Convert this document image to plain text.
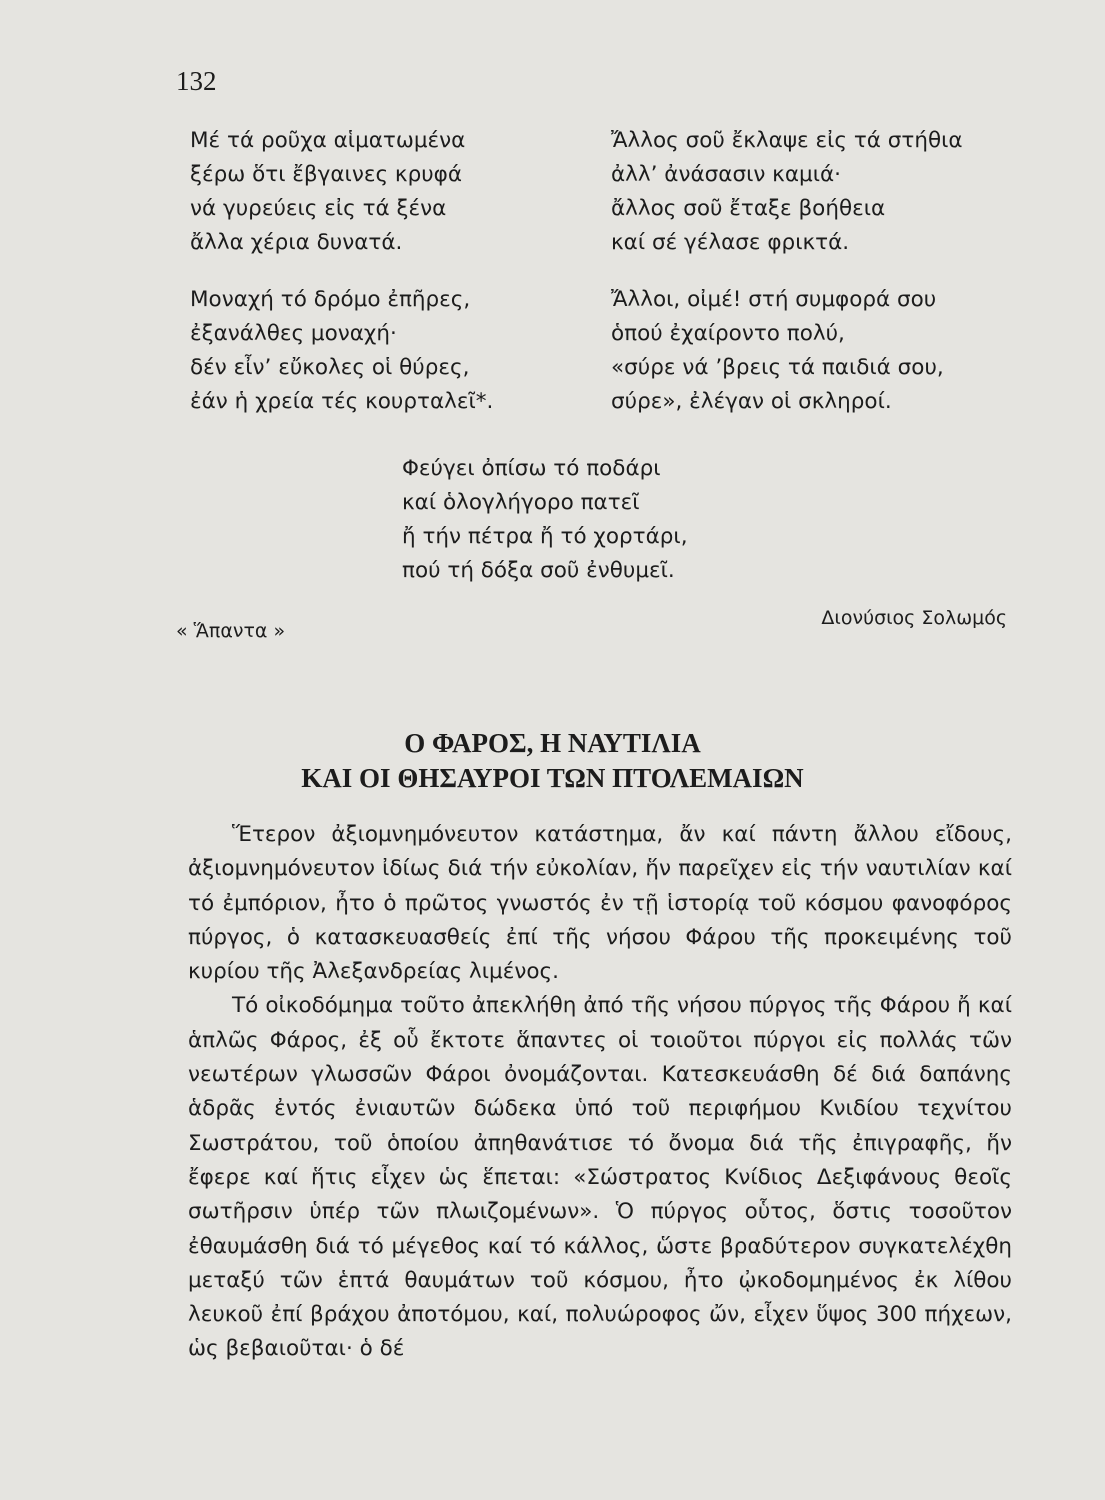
132
Μέ τά ροῦχα αἱματωμένα
ξέρω ὅτι ἔβγαινες κρυφά
νά γυρεύεις εἰς τά ξένα
ἄλλα χέρια δυνατά.
Μοναχή τό δρόμο ἐπῆρες,
ἐξανάλθες μοναχή·
δέν εἶν’ εὔκολες οἱ θύρες,
ἐάν ἡ χρεία τές κουρταλεῖ*.
Ἄλλος σοῦ ἔκλαψε εἰς τά στήθια
ἀλλ’ ἀνάσασιν καμιά·
ἄλλος σοῦ ἔταξε βοήθεια
καί σέ γέλασε φρικτά.
Ἄλλοι, οἰμέ! στή συμφορά σου
ὁπού ἐχαίροντο πολύ,
«σύρε νά ’βρεις τά παιδιά σου,
σύρε», ἐλέγαν οἱ σκληροί.
Φεύγει ὀπίσω τό ποδάρι
καί ὁλογλήγορο πατεῖ
ἤ τήν πέτρα ἤ τό χορτάρι,
πού τή δόξα σοῦ ἐνθυμεῖ.
« Ἅπαντα »
Διονύσιος Σολωμός
Ο ΦΑΡΟΣ, Η ΝΑΥΤΙΛΙΑ
ΚΑΙ ΟΙ ΘΗΣΑΥΡΟΙ ΤΩΝ ΠΤΟΛΕΜΑΙΩΝ

Ἕτερον ἀξιομνημόνευτον κατάστημα, ἄν καί πάντη ἄλλου εἴδους, ἀξιομνημόνευτον ἰδίως διά τήν εὐκολίαν, ἥν παρεῖχεν εἰς τήν ναυτιλίαν καί τό ἐμπόριον, ἦτο ὁ πρῶτος γνωστός ἐν τῇ ἱστορίᾳ τοῦ κόσμου φανοφόρος πύργος, ὁ κατασκευασθείς ἐπί τῆς νήσου Φάρου τῆς προκειμένης τοῦ κυρίου τῆς Ἀλεξανδρείας λιμένος.

Τό οἰκοδόμημα τοῦτο ἀπεκλήθη ἀπό τῆς νήσου πύργος τῆς Φάρου ἤ καί ἁπλῶς Φάρος, ἐξ οὗ ἔκτοτε ἅπαντες οἱ τοιοῦτοι πύργοι εἰς πολλάς τῶν νεωτέρων γλωσσῶν Φάροι ὀνομάζονται. Κατεσκευάσθη δέ διά δαπάνης ἁδρᾶς ἐντός ἐνιαυτῶν δώδεκα ὑπό τοῦ περιφήμου Κνιδίου τεχνίτου Σωστράτου, τοῦ ὁποίου ἀπηθανάτισε τό ὄνομα διά τῆς ἐπιγραφῆς, ἥν ἔφερε καί ἥτις εἶχεν ὡς ἕπεται: «Σώστρατος Κνίδιος Δεξιφάνους θεοῖς σωτῆρσιν ὑπέρ τῶν πλωιζομένων». Ὁ πύργος οὗτος, ὅστις τοσοῦτον ἐθαυμάσθη διά τό μέγεθος καί τό κάλλος, ὥστε βραδύτερον συγκατελέχθη μεταξύ τῶν ἑπτά θαυμάτων τοῦ κόσμου, ἦτο ᾠκοδομημένος ἐκ λίθου λευκοῦ ἐπί βράχου ἀποτόμου, καί, πολυώροφος ὤν, εἶχεν ὕψος 300 πήχεων, ὡς βεβαιοῦται· ὁ δέ
